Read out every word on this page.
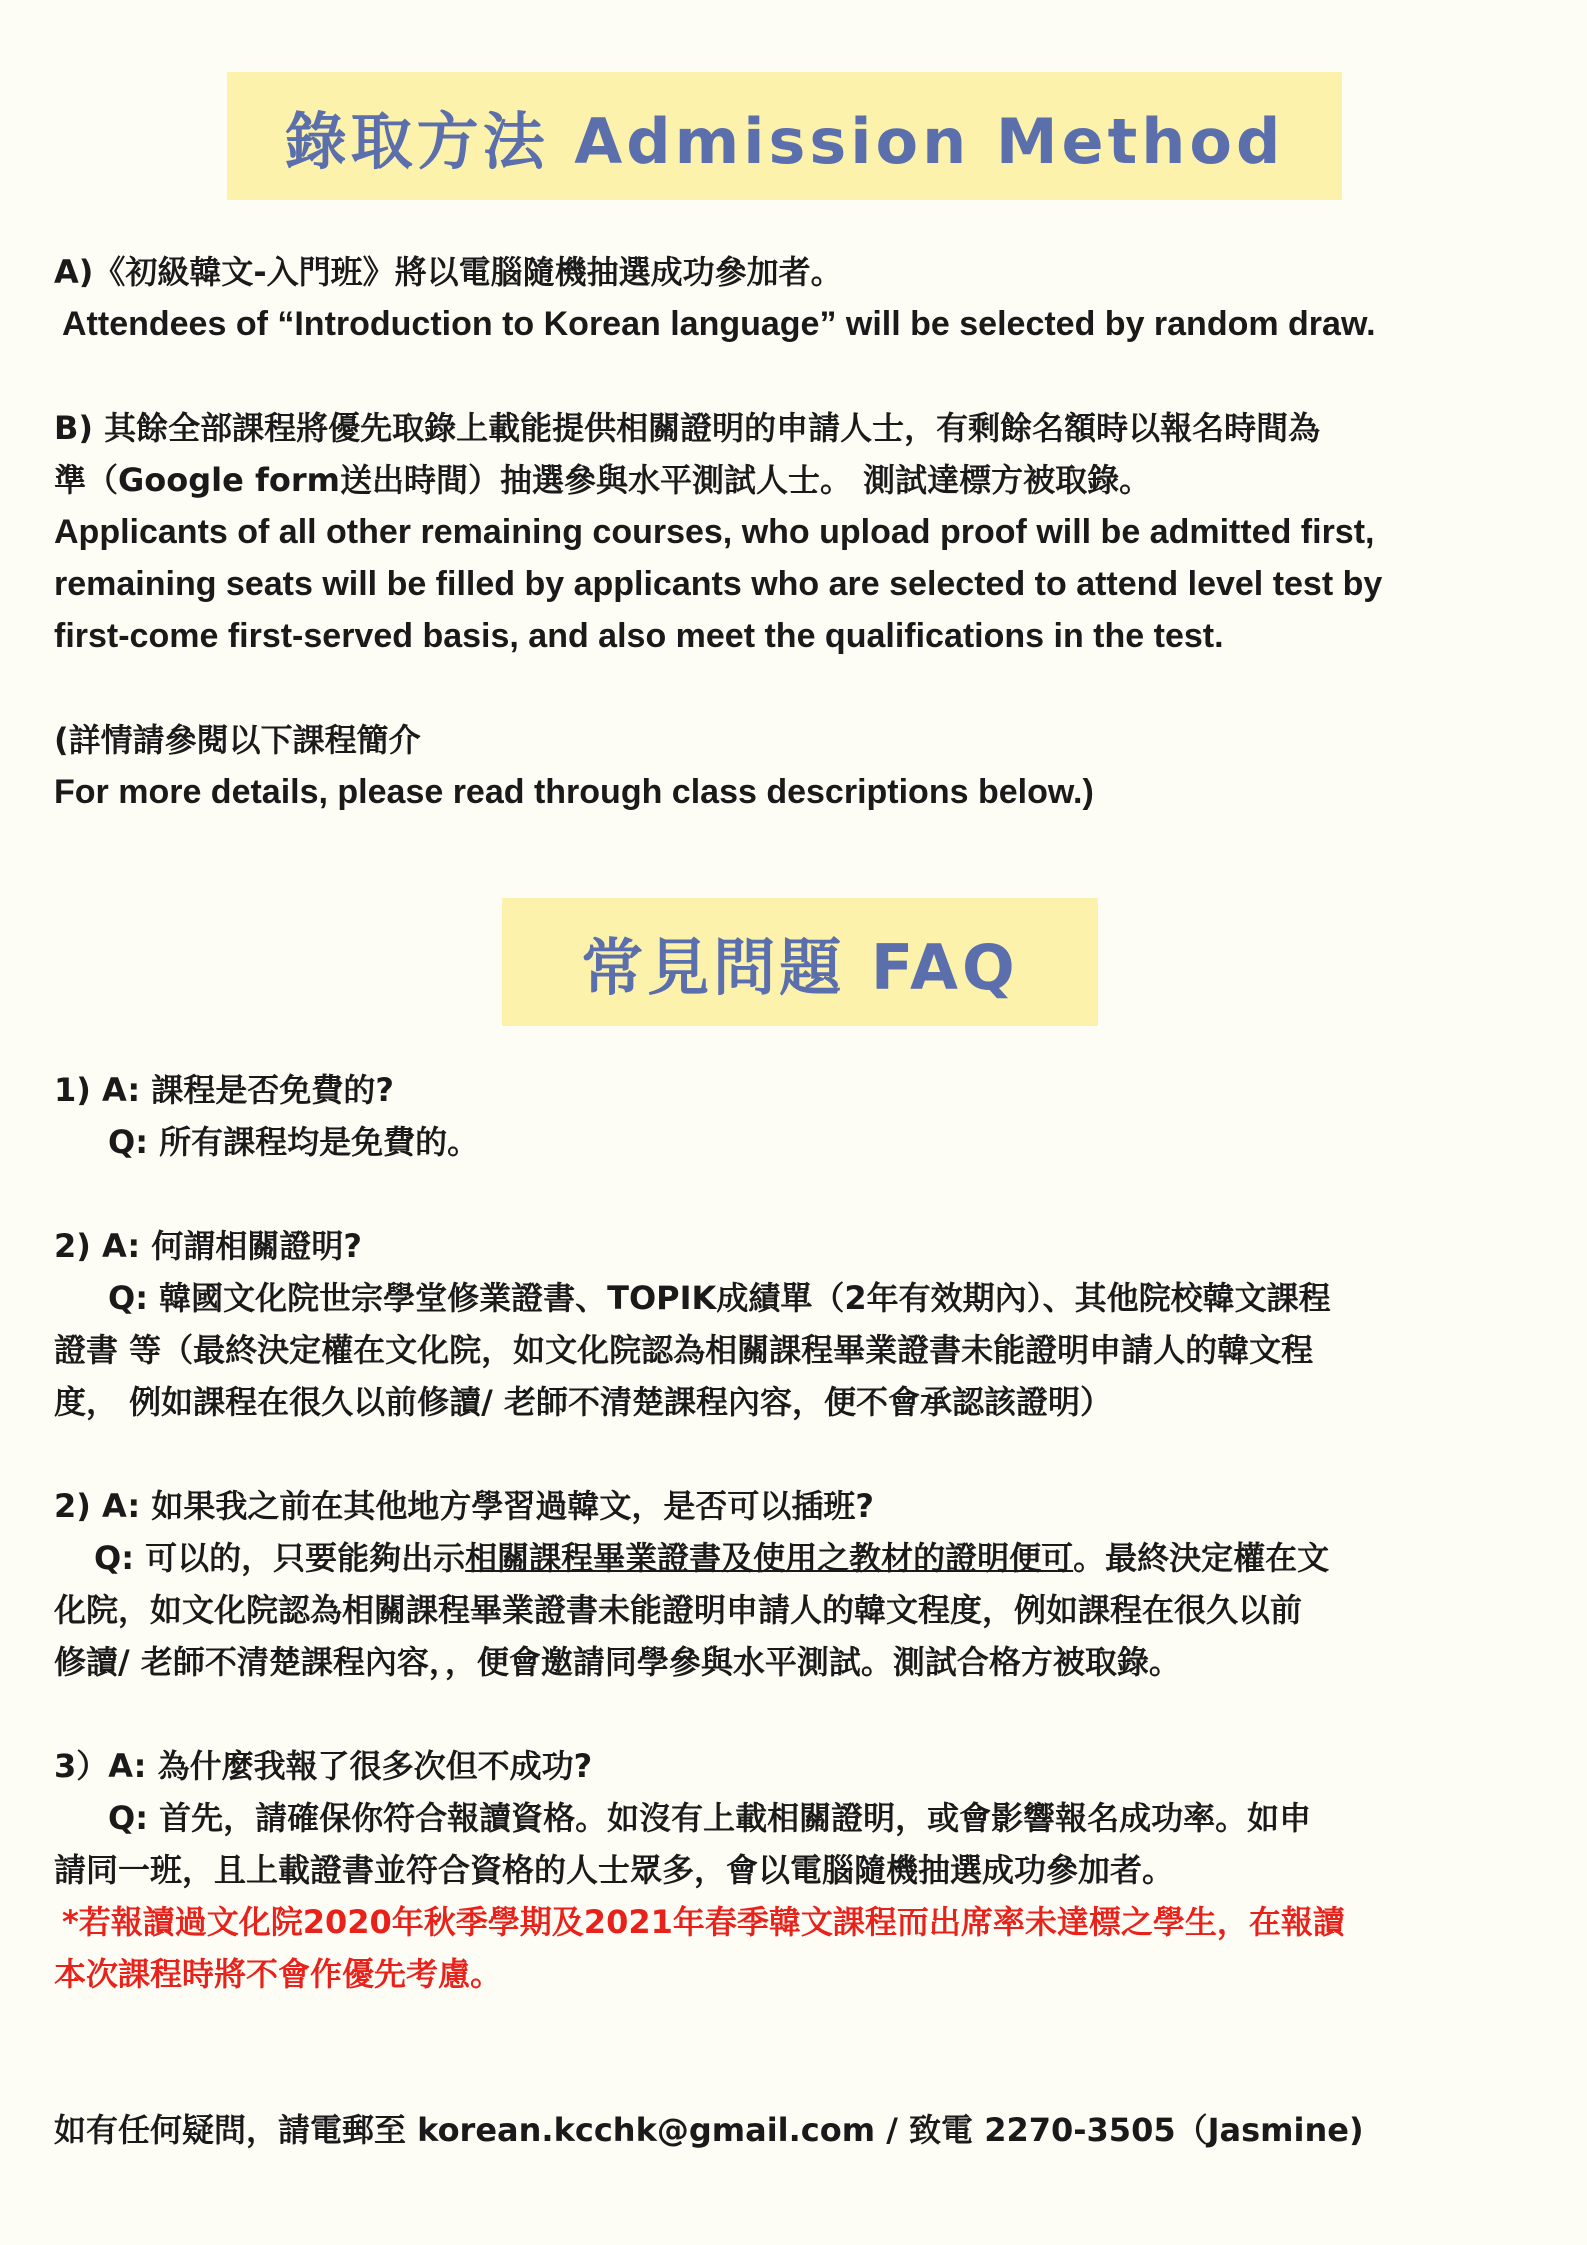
錄取方法 Admission Method

A)《初級韓文-入門班》將以電腦隨機抽選成功參加者。

Attendees of “Introduction to Korean language” will be selected by random draw.

B) 其餘全部課程將優先取錄上載能提供相關證明的申請人士，有剩餘名額時以報名時間為

準（Google form送出時間）抽選參與水平測試人士。 測試達標方被取錄。

Applicants of all other remaining courses, who upload proof will be admitted first,

remaining seats will be filled by applicants who are selected to attend level test by

first-come first-served basis, and also meet the qualifications in the test.

(詳情請參閱以下課程簡介

For more details, please read through class descriptions below.)

常見問題 FAQ

1) A: 課程是否免費的?

Q: 所有課程均是免費的。

2) A: 何謂相關證明?

Q: 韓國文化院世宗學堂修業證書、TOPIK成績單（2年有效期內）、其他院校韓文課程

證書 等（最終決定權在文化院，如文化院認為相關課程畢業證書未能證明申請人的韓文程

度， 例如課程在很久以前修讀/ 老師不清楚課程內容，便不會承認該證明）

2) A: 如果我之前在其他地方學習過韓文，是否可以插班?

Q: 可以的，只要能夠出示相關課程畢業證書及使用之教材的證明便可。最終決定權在文

化院，如文化院認為相關課程畢業證書未能證明申請人的韓文程度，例如課程在很久以前

修讀/ 老師不清楚課程內容，，便會邀請同學參與水平測試。測試合格方被取錄。

3）A: 為什麼我報了很多次但不成功?

Q: 首先，請確保你符合報讀資格。如沒有上載相關證明，或會影響報名成功率。如申

請同一班，且上載證書並符合資格的人士眾多，會以電腦隨機抽選成功參加者。

*若報讀過文化院2020年秋季學期及2021年春季韓文課程而出席率未達標之學生，在報讀

本次課程時將不會作優先考慮。

如有任何疑問，請電郵至 korean.kcchk@gmail.com / 致電 2270-3505（Jasmine)
